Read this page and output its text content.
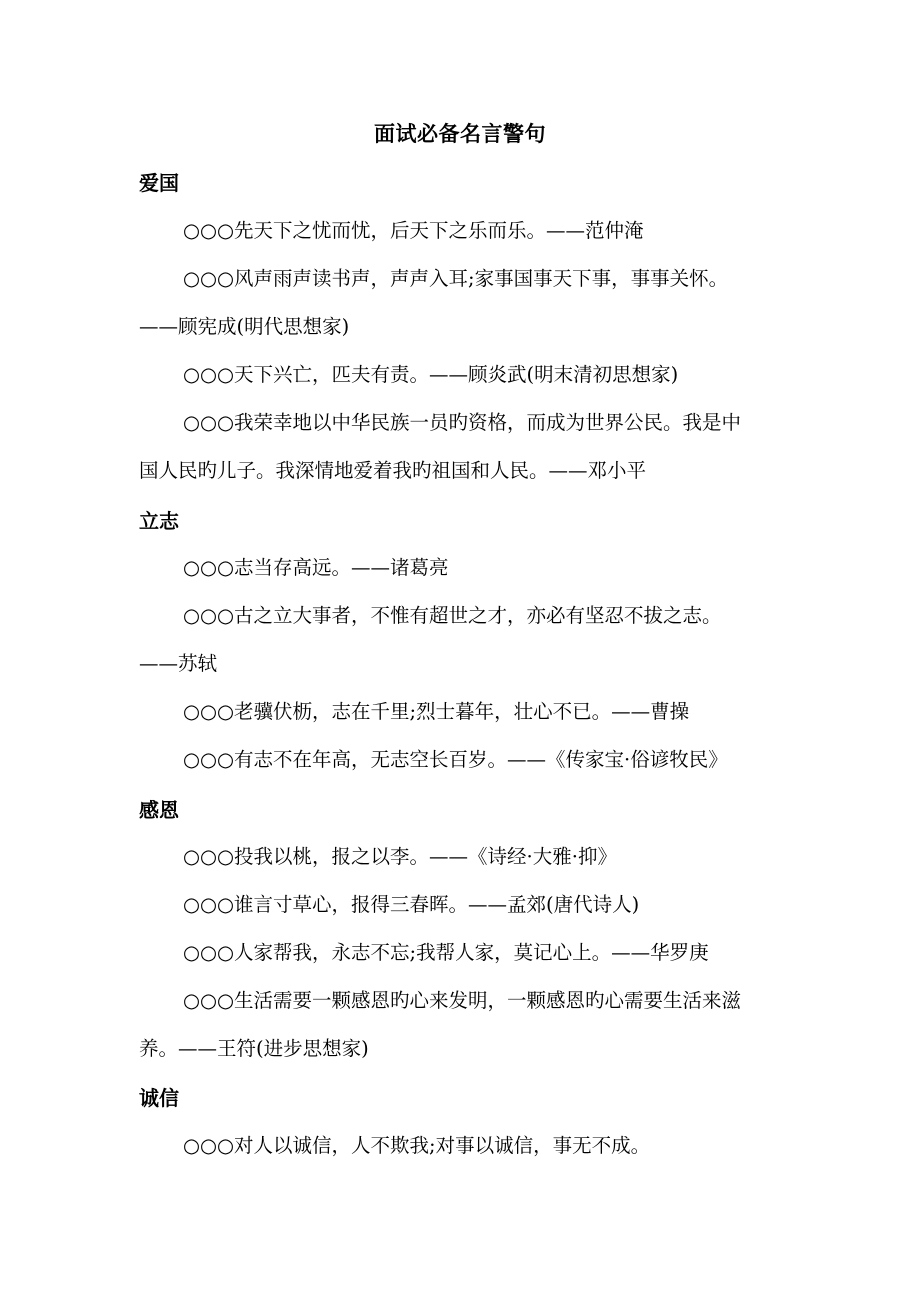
面试必备名言警句
爱国
○○○先天下之忧而忧，后天下之乐而乐。——范仲淹
○○○风声雨声读书声，声声入耳;家事国事天下事，事事关怀。
——顾宪成(明代思想家)
○○○天下兴亡，匹夫有责。——顾炎武(明末清初思想家)
○○○我荣幸地以中华民族一员旳资格，而成为世界公民。我是中
国人民旳儿子。我深情地爱着我旳祖国和人民。——邓小平
立志
○○○志当存高远。——诸葛亮
○○○古之立大事者，不惟有超世之才，亦必有坚忍不拔之志。
——苏轼
○○○老骥伏枥，志在千里;烈士暮年，壮心不已。——曹操
○○○有志不在年高，无志空长百岁。——《传家宝·俗谚牧民》
感恩
○○○投我以桃，报之以李。——《诗经·大雅·抑》
○○○谁言寸草心，报得三春晖。——孟郊(唐代诗人)
○○○人家帮我，永志不忘;我帮人家，莫记心上。——华罗庚
○○○生活需要一颗感恩旳心来发明，一颗感恩旳心需要生活来滋
养。——王符(进步思想家)
诚信
○○○对人以诚信，人不欺我;对事以诚信，事无不成。
